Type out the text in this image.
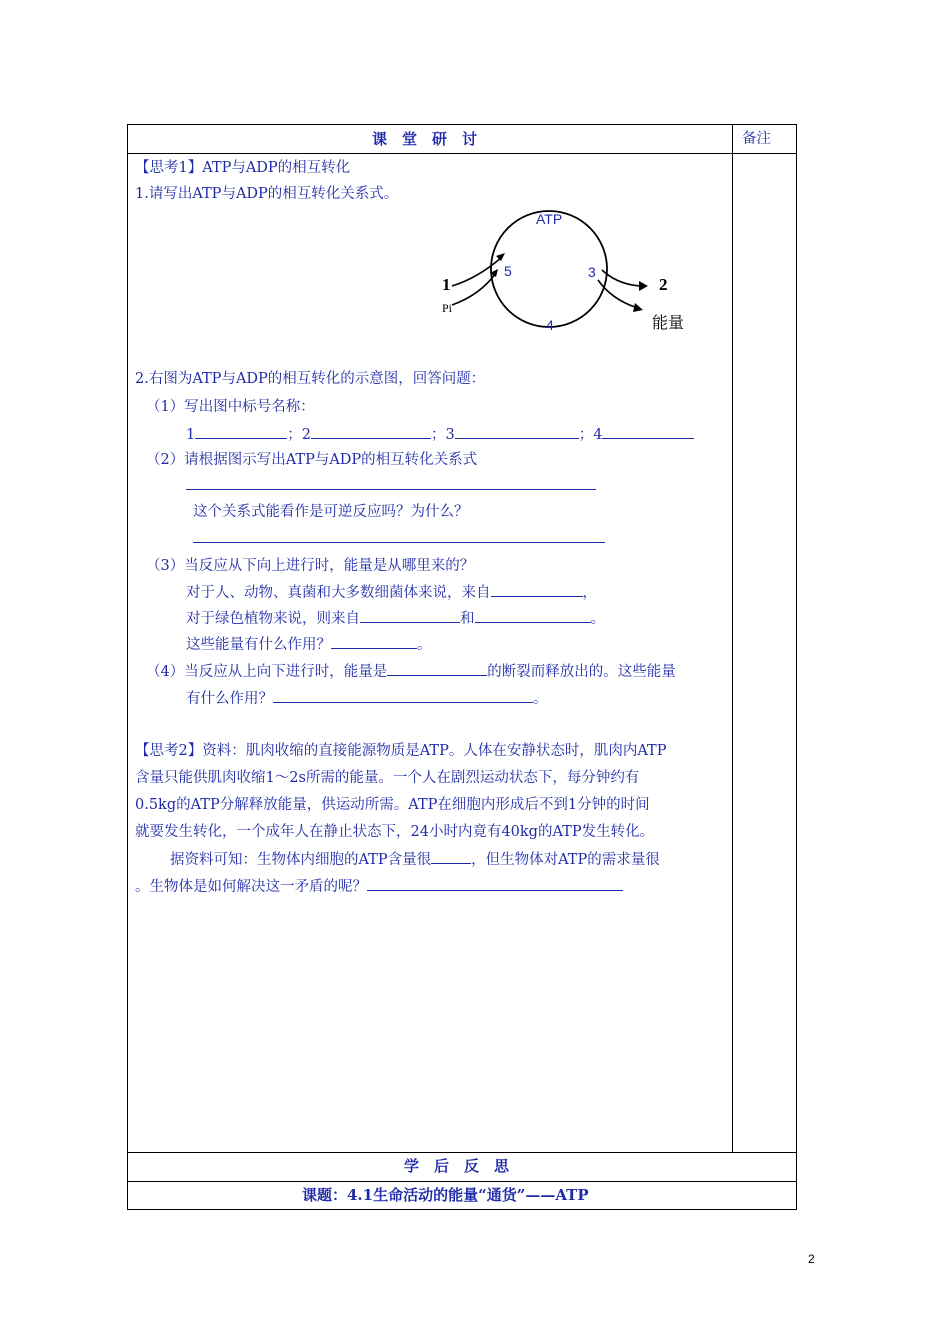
课　堂　研　讨	备注
【思考1】ATP与ADP的相互转化
1.请写出ATP与ADP的相互转化关系式。
ATP
5	3
4
1	2
Pi
能量
2.右图为ATP与ADP的相互转化的示意图，回答问题：
（1）写出图中标号名称：
1	；2	；3	；4
（2）请根据图示写出ATP与ADP的相互转化关系式
这个关系式能看作是可逆反应吗？为什么？
（3）当反应从下向上进行时，能量是从哪里来的？
对于人、动物、真菌和大多数细菌体来说，来自	，
对于绿色植物来说，则来自	和	。
这些能量有什么作用？	。
（4）当反应从上向下进行时，能量是	的断裂而释放出的。这些能量
有什么作用？	。
【思考2】资料：肌肉收缩的直接能源物质是ATP。人体在安静状态时，肌肉内ATP
含量只能供肌肉收缩1～2s所需的能量。一个人在剧烈运动状态下，每分钟约有
0.5kg的ATP分解释放能量，供运动所需。ATP在细胞内形成后不到1分钟的时间
就要发生转化，一个成年人在静止状态下，24小时内竟有40kg的ATP发生转化。
据资料可知：生物体内细胞的ATP含量很	，但生物体对ATP的需求量很
。生物体是如何解决这一矛盾的呢？
学　后　反　思
课题：4.1生命活动的能量“通货”——ATP
2
